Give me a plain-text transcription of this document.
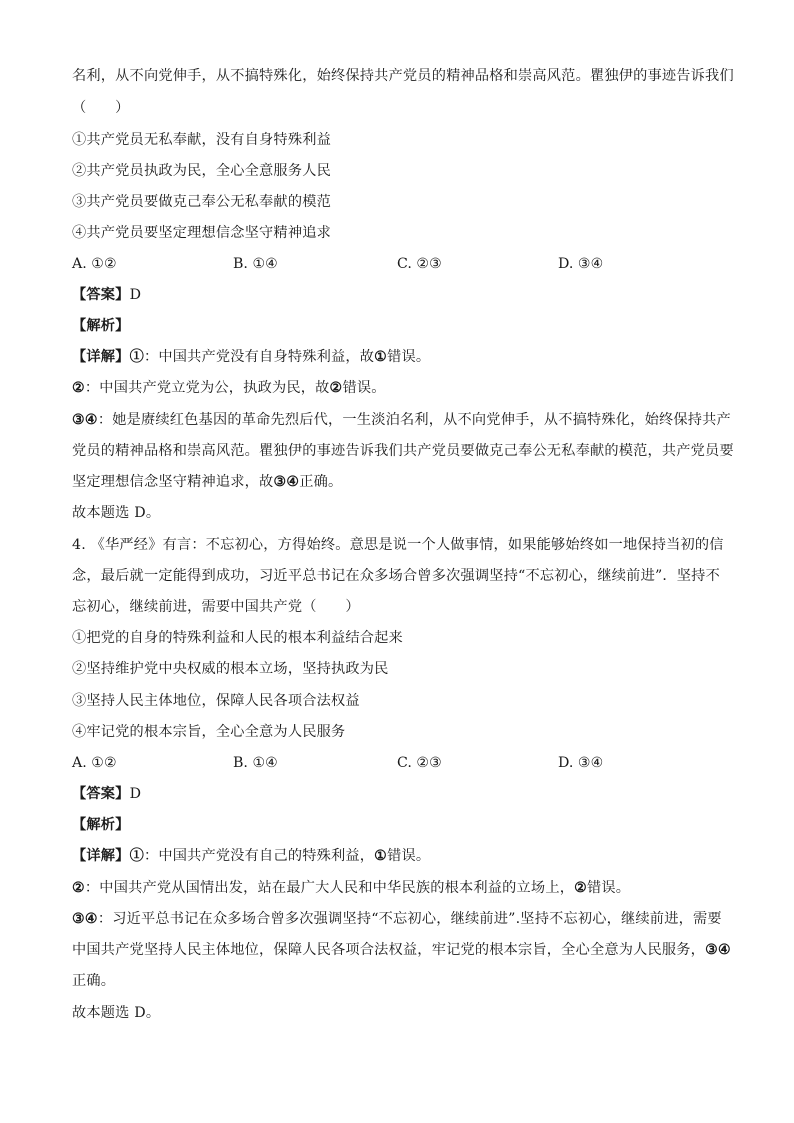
名利，从不向党伸手，从不搞特殊化，始终保持共产党员的精神品格和崇高风范。瞿独伊的事迹告诉我们
（　　）
①共产党员无私奉献，没有自身特殊利益
②共产党员执政为民，全心全意服务人民
③共产党员要做克己奉公无私奉献的模范
④共产党员要坚定理想信念坚守精神追求
A. ①②	B. ①④	C. ②③	D. ③④
【答案】D
【解析】
【详解】①：中国共产党没有自身特殊利益，故①错误。
②：中国共产党立党为公，执政为民，故②错误。
③④：她是赓续红色基因的革命先烈后代，一生淡泊名利，从不向党伸手，从不搞特殊化，始终保持共产
党员的精神品格和崇高风范。瞿独伊的事迹告诉我们共产党员要做克己奉公无私奉献的模范，共产党员要
坚定理想信念坚守精神追求，故③④正确。
故本题选 D。
4. 《华严经》有言：不忘初心，方得始终。意思是说一个人做事情，如果能够始终如一地保持当初的信
念，最后就一定能得到成功，习近平总书记在众多场合曾多次强调坚持“不忘初心，继续前进”．坚持不
忘初心，继续前进，需要中国共产党（　　）
①把党的自身的特殊利益和人民的根本利益结合起来
②坚持维护党中央权威的根本立场，坚持执政为民
③坚持人民主体地位，保障人民各项合法权益
④牢记党的根本宗旨，全心全意为人民服务
A. ①②	B. ①④	C. ②③	D. ③④
【答案】D
【解析】
【详解】①：中国共产党没有自己的特殊利益，①错误。
②：中国共产党从国情出发，站在最广大人民和中华民族的根本利益的立场上，②错误。
③④：习近平总书记在众多场合曾多次强调坚持“不忘初心，继续前进”.坚持不忘初心，继续前进，需要
中国共产党坚持人民主体地位，保障人民各项合法权益，牢记党的根本宗旨，全心全意为人民服务，③④
正确。
故本题选 D。
